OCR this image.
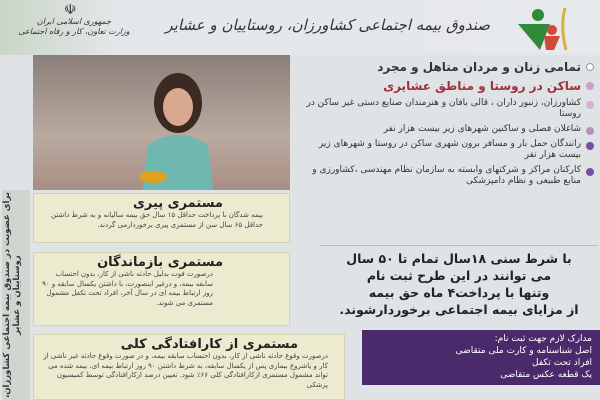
صندوق بیمه اجتماعی کشاورزان، روستاییان و عشایر
☫
جمهوری اسلامی ایران
وزارت تعاون، کار و رفاه اجتماعی
برای عضویت در صندوق بیمه اجتماعی کشاورزان، روستاییان و عشایر
تمامی زنان و مردان متاهل و مجرد
ساکن در روستا و مناطق عشایری
کشاورزان، زنبور داران ، قالی بافان و هنرمندان صنایع دستی غیر ساکن در روستا
شاغلان فصلی و ساکنین شهرهای زیر بیست هزار نفر
رانندگان حمل بار و مسافر برون شهری ساکن در روستا و شهرهای زیر بیست هزار نفر
کارکنان مراکز و شرکتهای وابسته به سازمان نظام مهندسی ،کشاورزی و منابع طبیعی و نظام دامپزشکی
با شرط سنی ۱۸سال تمام تا ۵۰ سال
می توانند در این طرح ثبت نام
وتنها با پرداخت۴ ماه حق بیمه
از مزایای بیمه اجتماعی برخوردارشوند.
مدارک لازم جهت ثبت نام:
اصل شناسنامه و کارت ملی متقاضی
افراد تحت تکفل
یک قطعه عکس متقاضی
مستمری پیری

بیمه شدگان با پرداخت حداقل ۱۵ سال حق بیمه سالیانه و به شرط داشتن حداقل ۶۵ سال سن از مستمری پیری برخوردارمی گردند.

مستمری بازماندگان

درصورت فوت بدلیل حادثه ناشی از کار، بدون احتساب سابقه بیمه، و درغیر اینصورت، با داشتن یکسال سابقه و ۹۰ روز ارتباط بیمه ای در سال آخر، افراد تحت تکفل مشمول مستمری می شوند.

مستمری از کارافتادگی کلی

درصورت وقوع حادثه ناشی از کار، بدون احتساب سابقه بیمه، و در صورت وقوع حادثه غیر ناشی از کار و یاشروع بیماری پس از یکسال سابقه، به شرط داشتن ۹۰ روز ارتباط بیمه ای، بیمه شده می تواند مشمول مستمری ازکارافتادگی کلی ۶۶٪ شود. تعیین درصد ازکارافتادگی توسط کمیسیون پزشکی
